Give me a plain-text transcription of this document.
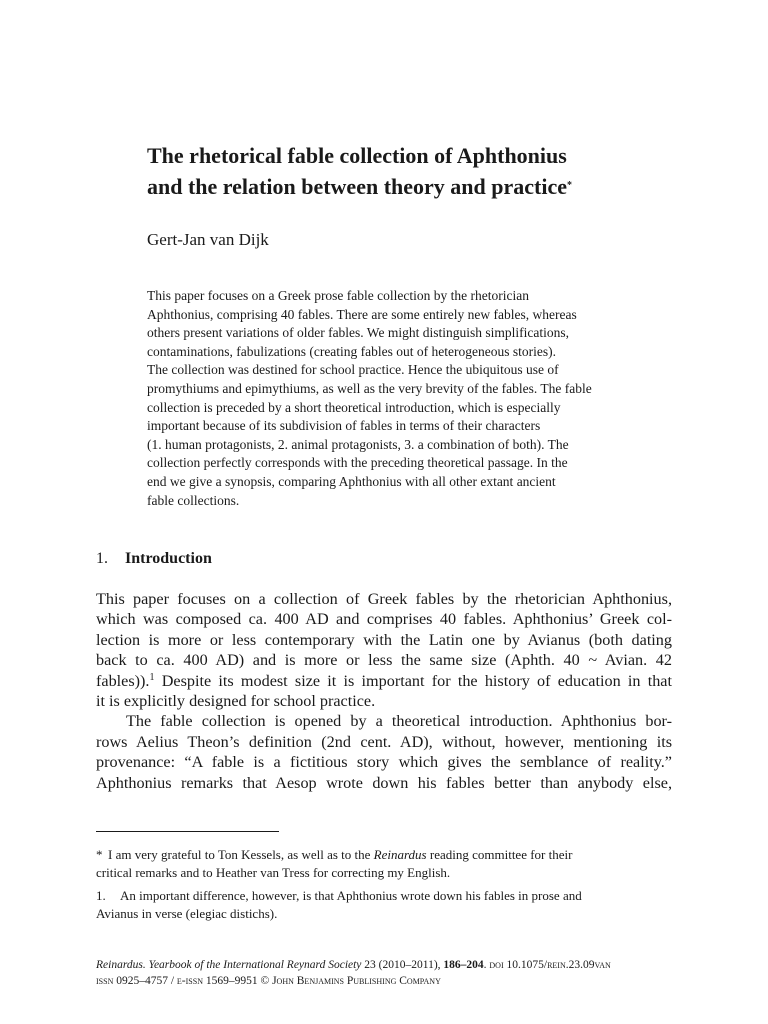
The rhetorical fable collection of Aphthonius
and the relation between theory and practice*
Gert-Jan van Dijk
This paper focuses on a Greek prose fable collection by the rhetorician
Aphthonius, comprising 40 fables. There are some entirely new fables, whereas
others present variations of older fables. We might distinguish simplifications,
contaminations, fabulizations (creating fables out of heterogeneous stories).
The collection was destined for school practice. Hence the ubiquitous use of
promythiums and epimythiums, as well as the very brevity of the fables. The fable
collection is preceded by a short theoretical introduction, which is especially
important because of its subdivision of fables in terms of their characters
(1. human protagonists, 2. animal protagonists, 3. a combination of both). The
collection perfectly corresponds with the preceding theoretical passage. In the
end we give a synopsis, comparing Aphthonius with all other extant ancient
fable collections.
1. Introduction
This paper focuses on a collection of Greek fables by the rhetorician Aphthonius,
which was composed ca. 400 AD and comprises 40 fables. Aphthonius’ Greek col-
lection is more or less contemporary with the Latin one by Avianus (both dating
back to ca. 400 AD) and is more or less the same size (Aphth. 40 ~ Avian. 42
fables)).$^1$ Despite its modest size it is important for the history of education in that
it is explicitly designed for school practice.
The fable collection is opened by a theoretical introduction. Aphthonius bor-
rows Aelius Theon’s definition (2nd cent. AD), without, however, mentioning its
provenance: “A fable is a fictitious story which gives the semblance of reality.”
Aphthonius remarks that Aesop wrote down his fables better than anybody else,
* I am very grateful to Ton Kessels, as well as to the Reinardus reading committee for their
critical remarks and to Heather van Tress for correcting my English.
1. An important difference, however, is that Aphthonius wrote down his fables in prose and
Avianus in verse (elegiac distichs).
Reinardus. Yearbook of the International Reynard Society 23 (2010–2011), 186–204. doi 10.1075/rein.23.09van
issn 0925–4757 / e-issn 1569–9951 © John Benjamins Publishing Company
